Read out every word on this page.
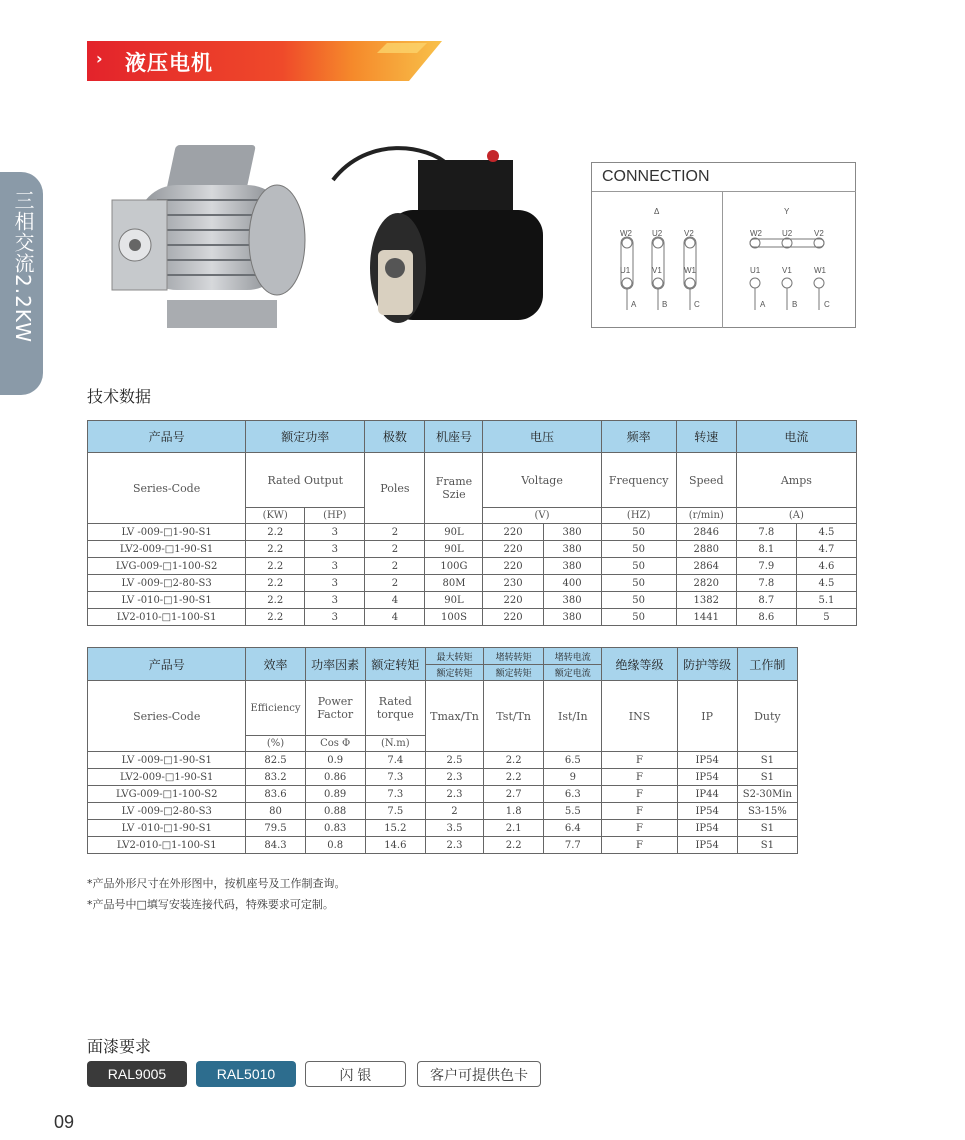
› 液压电机
三相交流2.2KW
CONNECTION
Δ	Y
W2	U2	V2
U1	V1	W1
A	B	C
W2	U2	V2
U1	V1	W1
A	B	C
技术数据
产品号	额定功率		极数	机座号	电压		频率	转速	电流	
Series-Code	Rated Output		Poles	Frame Szie	Voltage		Frequency	Speed	Amps	
	(KW)	(HP)			(V)		(HZ)	(r/min)	(A)	
LV -009-□1-90-S1	2.2	3	2	90L	220	380	50	2846	7.8	4.5
LV2-009-□1-90-S1	2.2	3	2	90L	220	380	50	2880	8.1	4.7
LVG-009-□1-100-S2	2.2	3	2	100G	220	380	50	2864	7.9	4.6
LV -009-□2-80-S3	2.2	3	2	80M	230	400	50	2820	7.8	4.5
LV -010-□1-90-S1	2.2	3	4	90L	220	380	50	1382	8.7	5.1
LV2-010-□1-100-S1	2.2	3	4	100S	220	380	50	1441	8.6	5
产品号	效率	功率因素	额定转矩	最大转矩	堵转转矩	堵转电流	绝缘等级	防护等级	工作制
				额定转矩	额定转矩	额定电流			
Series-Code	Efficiency	Power Factor	Rated torque	Tmax/Tn	Tst/Tn	Ist/In	INS	IP	Duty
	(%)	Cos Φ	(N.m)						
LV -009-□1-90-S1	82.5	0.9	7.4	2.5	2.2	6.5	F	IP54	S1
LV2-009-□1-90-S1	83.2	0.86	7.3	2.3	2.2	9	F	IP54	S1
LVG-009-□1-100-S2	83.6	0.89	7.3	2.3	2.7	6.3	F	IP44	S2-30Min
LV -009-□2-80-S3	80	0.88	7.5	2	1.8	5.5	F	IP54	S3-15%
LV -010-□1-90-S1	79.5	0.83	15.2	3.5	2.1	6.4	F	IP54	S1
LV2-010-□1-100-S1	84.3	0.8	14.6	2.3	2.2	7.7	F	IP54	S1
*产品外形尺寸在外形图中，按机座号及工作制查询。
*产品号中□填写安装连接代码，特殊要求可定制。
面漆要求
RAL9005	RAL5010	闪 银	客户可提供色卡
09
